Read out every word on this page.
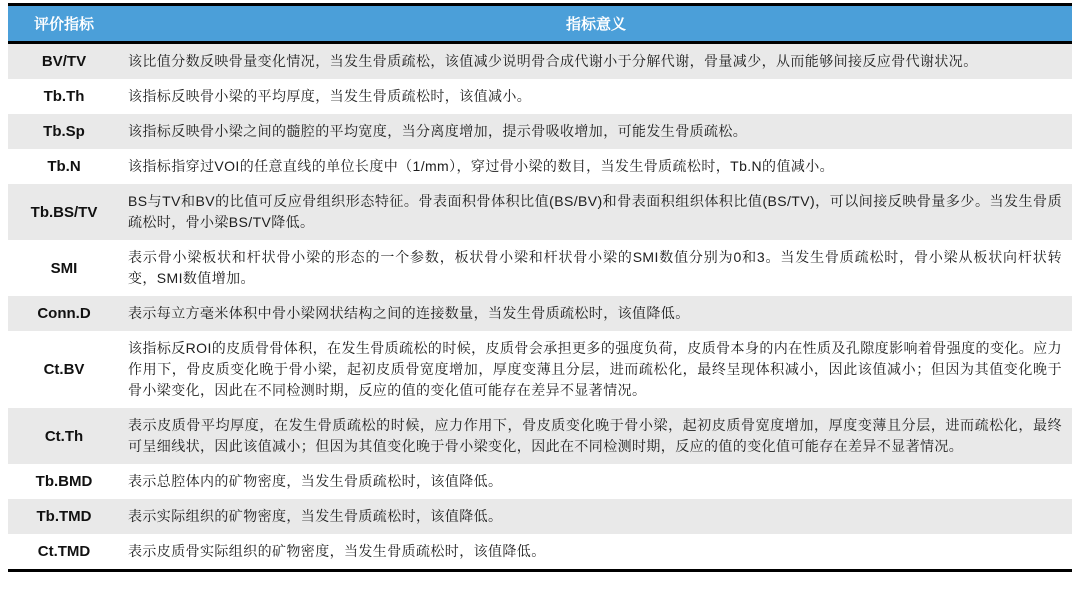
评价指标	指标意义
BV/TV	该比值分数反映骨量变化情况，当发生骨质疏松，该值减少说明骨合成代谢小于分解代谢，骨量减少，从而能够间接反应骨代谢状况。
Tb.Th	该指标反映骨小梁的平均厚度，当发生骨质疏松时，该值减小。
Tb.Sp	该指标反映骨小梁之间的髓腔的平均宽度，当分离度增加，提示骨吸收增加，可能发生骨质疏松。
Tb.N	该指标指穿过VOI的任意直线的单位长度中（1/mm），穿过骨小梁的数目，当发生骨质疏松时，Tb.N的值减小。
Tb.BS/TV	BS与TV和BV的比值可反应骨组织形态特征。骨表面积骨体积比值(BS/BV)和骨表面积组织体积比值(BS/TV)，可以间接反映骨量多少。当发生骨质疏松时，骨小梁BS/TV降低。
SMI	表示骨小梁板状和杆状骨小梁的形态的一个参数，板状骨小梁和杆状骨小梁的SMI数值分别为0和3。当发生骨质疏松时，骨小梁从板状向杆状转变，SMI数值增加。
Conn.D	表示每立方毫米体积中骨小梁网状结构之间的连接数量，当发生骨质疏松时，该值降低。
Ct.BV	该指标反ROI的皮质骨骨体积，在发生骨质疏松的时候，皮质骨会承担更多的强度负荷，皮质骨本身的内在性质及孔隙度影响着骨强度的变化。应力作用下，骨皮质变化晚于骨小梁，起初皮质骨宽度增加，厚度变薄且分层，进而疏松化，最终呈现体积减小，因此该值减小；但因为其值变化晚于骨小梁变化，因此在不同检测时期，反应的值的变化值可能存在差异不显著情况。
Ct.Th	表示皮质骨平均厚度，在发生骨质疏松的时候，应力作用下，骨皮质变化晚于骨小梁，起初皮质骨宽度增加，厚度变薄且分层，进而疏松化，最终可呈细线状，因此该值减小；但因为其值变化晚于骨小梁变化，因此在不同检测时期，反应的值的变化值可能存在差异不显著情况。
Tb.BMD	表示总腔体内的矿物密度，当发生骨质疏松时，该值降低。
Tb.TMD	表示实际组织的矿物密度，当发生骨质疏松时，该值降低。
Ct.TMD	表示皮质骨实际组织的矿物密度，当发生骨质疏松时，该值降低。
